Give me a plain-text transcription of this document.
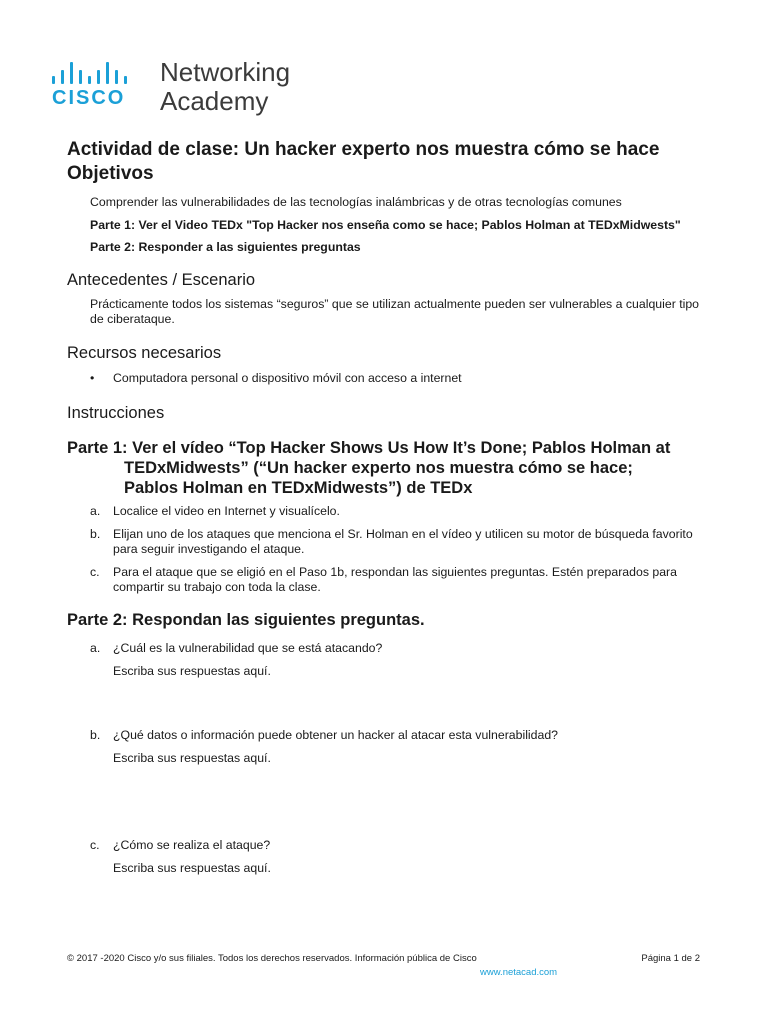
CISCO
Networking
Academy
Actividad de clase: Un hacker experto nos muestra cómo se hace
Objetivos

Comprender las vulnerabilidades de las tecnologías inalámbricas y de otras tecnologías comunes

Parte 1: Ver el Video TEDx "Top Hacker nos enseña como se hace; Pablos Holman at TEDxMidwests"

Parte 2: Responder a las siguientes preguntas

Antecedentes / Escenario

Prácticamente todos los sistemas “seguros” que se utilizan actualmente pueden ser vulnerables a cualquier tipo de ciberataque.

Recursos necesarios
•	Computadora personal o dispositivo móvil con acceso a internet
Instrucciones
Parte 1: Ver el vídeo “Top Hacker Shows Us How It’s Done; Pablos Holman at
TEDxMidwests” (“Un hacker experto nos muestra cómo se hace;
Pablos Holman en TEDxMidwests”) de TEDx
a.	Localice el video en Internet y visualícelo.
b.	Elijan uno de los ataques que menciona el Sr. Holman en el vídeo y utilicen su motor de búsqueda favorito para seguir investigando el ataque.
c.	Para el ataque que se eligió en el Paso 1b, respondan las siguientes preguntas. Estén preparados para compartir su trabajo con toda la clase.
Parte 2: Respondan las siguientes preguntas.
a.	¿Cuál es la vulnerabilidad que se está atacando?
Escriba sus respuestas aquí.
b.	¿Qué datos o información puede obtener un hacker al atacar esta vulnerabilidad?
Escriba sus respuestas aquí.
c.	¿Cómo se realiza el ataque?
Escriba sus respuestas aquí.
© 2017 -2020 Cisco y/o sus filiales. Todos los derechos reservados. Información pública de Cisco	Página 1 de 2
www.netacad.com
